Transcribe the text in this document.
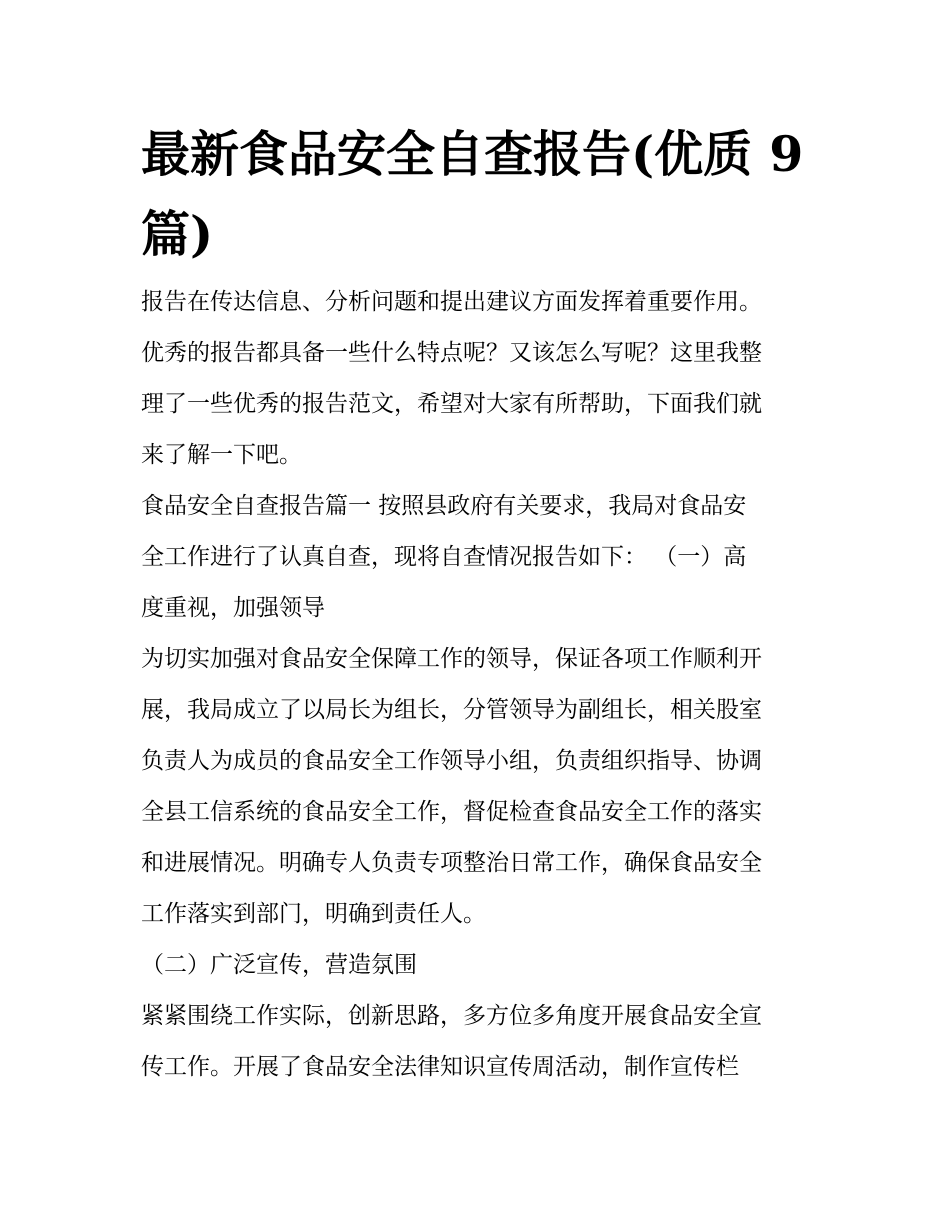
最新食品安全自查报告(优质 9
篇)

报告在传达信息、分析问题和提出建议方面发挥着重要作用。
优秀的报告都具备一些什么特点呢？又该怎么写呢？这里我整
理了一些优秀的报告范文，希望对大家有所帮助，下面我们就
来了解一下吧。

食品安全自查报告篇一 按照县政府有关要求，我局对食品安
全工作进行了认真自查，现将自查情况报告如下： （一）高
度重视，加强领导

为切实加强对食品安全保障工作的领导，保证各项工作顺利开
展，我局成立了以局长为组长，分管领导为副组长，相关股室
负责人为成员的食品安全工作领导小组，负责组织指导、协调
全县工信系统的食品安全工作，督促检查食品安全工作的落实
和进展情况。明确专人负责专项整治日常工作，确保食品安全
工作落实到部门，明确到责任人。

（二）广泛宣传，营造氛围

紧紧围绕工作实际，创新思路，多方位多角度开展食品安全宣
传工作。开展了食品安全法律知识宣传周活动，制作宣传栏
